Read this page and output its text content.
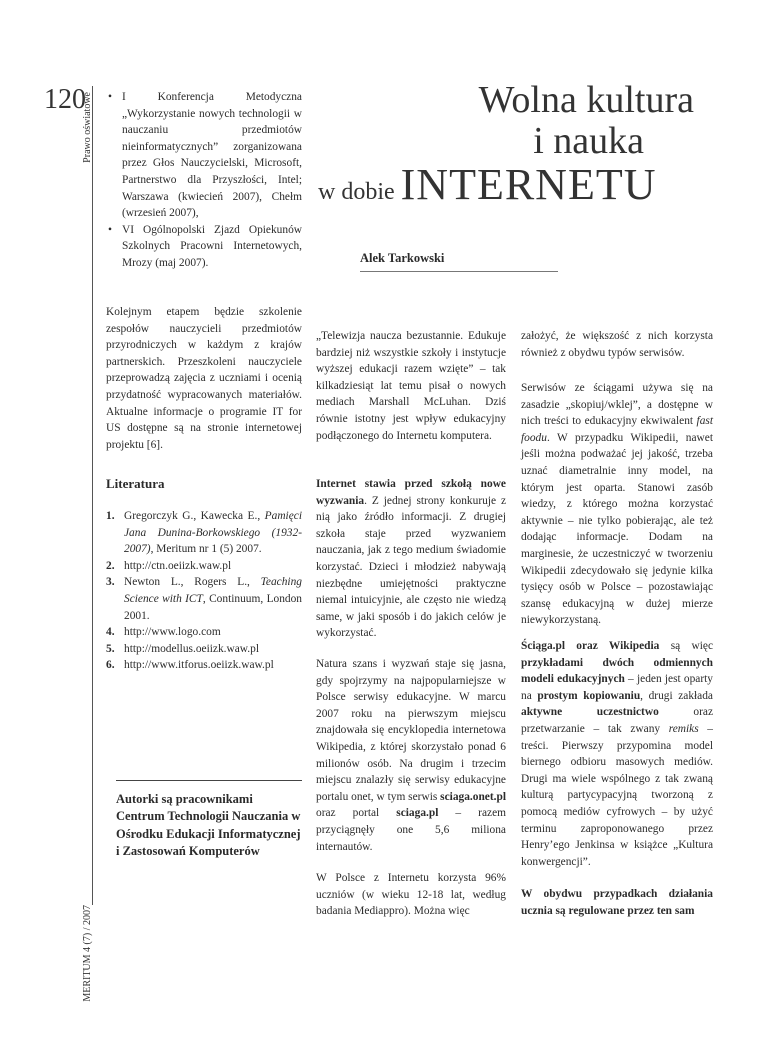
120
Prawo oświatowe
MERITUM 4 (7) / 2007
• I Konferencja Metodyczna „Wykorzystanie nowych technologii w nauczaniu przedmiotów nieinformatycznych” zorganizowana przez Głos Nauczycielski, Microsoft, Partnerstwo dla Przyszłości, Intel; Warszawa (kwiecień 2007), Chełm (wrzesień 2007),
• VI Ogólnopolski Zjazd Opiekunów Szkolnych Pracowni Internetowych, Mrozy (maj 2007).

Kolejnym etapem będzie szkolenie zespołów nauczycieli przedmiotów przyrodniczych w każdym z krajów partnerskich. Przeszkoleni nauczyciele przeprowadzą zajęcia z uczniami i ocenią przydatność wypracowanych materiałów. Aktualne informacje o programie IT for US dostępne są na stronie internetowej projektu [6].

Literatura
1. Gregorczyk G., Kawecka E., Pamięci Jana Dunina-Borkowskiego (1932-2007), Meritum nr 1 (5) 2007.
2. http://ctn.oeiizk.waw.pl
3. Newton L., Rogers L., Teaching Science with ICT, Continuum, London 2001.
4. http://www.logo.com
5. http://modellus.oeiizk.waw.pl
6. http://www.itforus.oeiizk.waw.pl

Autorki są pracownikami Centrum Technologii Nauczania w Ośrodku Edukacji Informatycznej i Zastosowań Komputerów

Wolna kultura
i nauka
w dobie INTERNETU
Alek Tarkowski

„Telewizja naucza bezustannie. Edukuje bardziej niż wszystkie szkoły i instytucje wyższej edukacji razem wzięte” – tak kilkadziesiąt lat temu pisał o nowych mediach Marshall McLuhan. Dziś równie istotny jest wpływ edukacyjny podłączonego do Internetu komputera.

Internet stawia przed szkołą nowe wyzwania. Z jednej strony konkuruje z nią jako źródło informacji. Z drugiej szkoła staje przed wyzwaniem nauczania, jak z tego medium świadomie korzystać. Dzieci i młodzież nabywają niezbędne umiejętności praktyczne niemal intuicyjnie, ale często nie wiedzą same, w jaki sposób i do jakich celów je wykorzystać.

Natura szans i wyzwań staje się jasna, gdy spojrzymy na najpopularniejsze w Polsce serwisy edukacyjne. W marcu 2007 roku na pierwszym miejscu znajdowała się encyklopedia internetowa Wikipedia, z której skorzystało ponad 6 milionów osób. Na drugim i trzecim miejscu znalazły się serwisy edukacyjne portalu onet, w tym serwis sciaga.onet.pl oraz portal sciaga.pl – razem przyciągnęły one 5,6 miliona internautów.

W Polsce z Internetu korzysta 96% uczniów (w wieku 12-18 lat, według badania Mediappro). Można więc

założyć, że większość z nich korzysta również z obydwu typów serwisów.

Serwisów ze ściągami używa się na zasadzie „skopiuj/wklej”, a dostępne w nich treści to edukacyjny ekwiwalent fast foodu. W przypadku Wikipedii, nawet jeśli można podważać jej jakość, trzeba uznać diametralnie inny model, na którym jest oparta. Stanowi zasób wiedzy, z którego można korzystać aktywnie – nie tylko pobierając, ale też dodając informacje. Dodam na marginesie, że uczestniczyć w tworzeniu Wikipedii zdecydowało się jedynie kilka tysięcy osób w Polsce – pozostawiając szansę edukacyjną w dużej mierze niewykorzystaną.

Ściąga.pl oraz Wikipedia są więc przykładami dwóch odmiennych modeli edukacyjnych – jeden jest oparty na prostym kopiowaniu, drugi zakłada aktywne uczestnictwo oraz przetwarzanie – tak zwany remiks – treści. Pierwszy przypomina model biernego odbioru masowych mediów. Drugi ma wiele wspólnego z tak zwaną kulturą partycypacyjną tworzoną z pomocą mediów cyfrowych – by użyć terminu zaproponowanego przez Henry’ego Jenkinsa w książce „Kultura konwergencji”.

W obydwu przypadkach działania ucznia są regulowane przez ten sam
